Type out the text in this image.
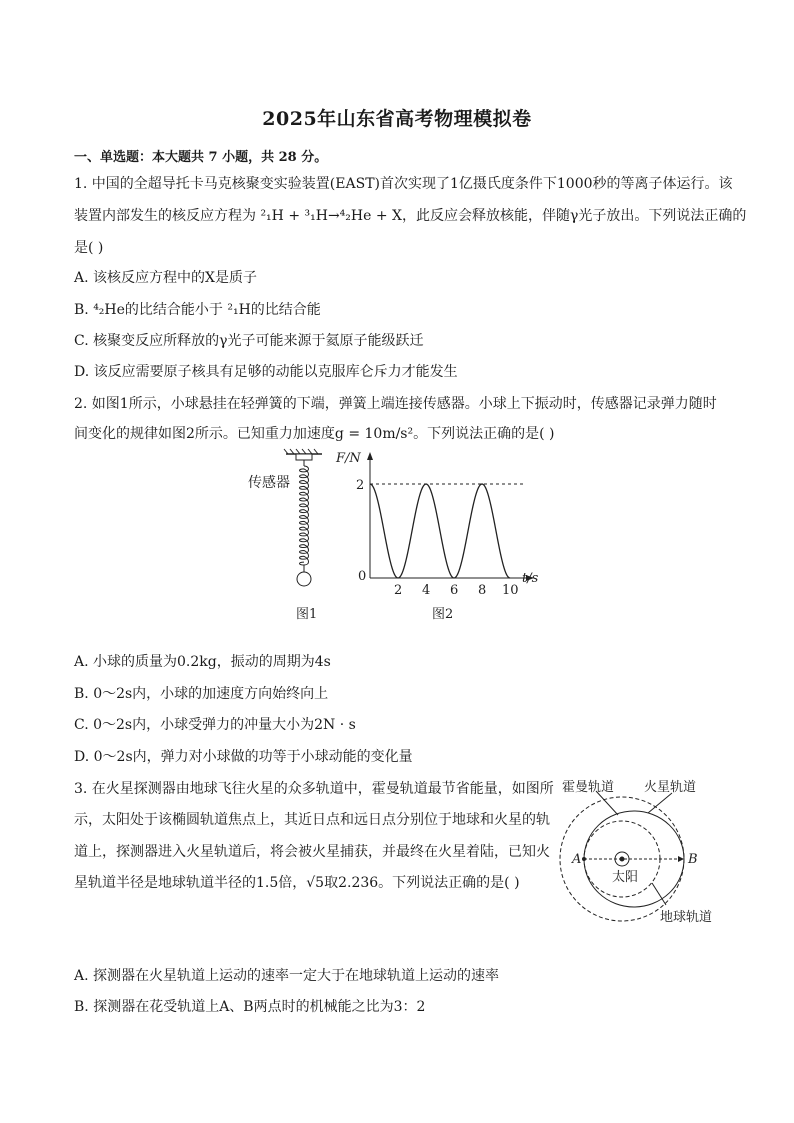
2025年山东省高考物理模拟卷
一、单选题：本大题共 7 小题，共 28 分。
1. 中国的全超导托卡马克核聚变实验装置(EAST)首次实现了1亿摄氏度条件下1000秒的等离子体运行。该
装置内部发生的核反应方程为 ²₁H + ³₁H→⁴₂He + X，此反应会释放核能，伴随γ光子放出。下列说法正确的
是( )
A. 该核反应方程中的X是质子
B. ⁴₂He的比结合能小于 ²₁H的比结合能
C. 核聚变反应所释放的γ光子可能来源于氦原子能级跃迁
D. 该反应需要原子核具有足够的动能以克服库仑斥力才能发生
2. 如图1所示，小球悬挂在轻弹簧的下端，弹簧上端连接传感器。小球上下振动时，传感器记录弹力随时
间变化的规律如图2所示。已知重力加速度g = 10m/s²。下列说法正确的是( )
传感器
图1
0
2 4 6 8 10
2
F/N
t/s
图2
A. 小球的质量为0.2kg，振动的周期为4s
B. 0～2s内，小球的加速度方向始终向上
C. 0～2s内，小球受弹力的冲量大小为2N · s
D. 0～2s内，弹力对小球做的功等于小球动能的变化量
3. 在火星探测器由地球飞往火星的众多轨道中，霍曼轨道最节省能量，如图所
示，太阳处于该椭圆轨道焦点上，其近日点和远日点分别位于地球和火星的轨
道上，探测器进入火星轨道后，将会被火星捕获，并最终在火星着陆，已知火
星轨道半径是地球轨道半径的1.5倍，√5取2.236。下列说法正确的是( )
霍曼轨道 火星轨道
太阳
地球轨道
A	B
A. 探测器在火星轨道上运动的速率一定大于在地球轨道上运动的速率
B. 探测器在花受轨道上A、B两点时的机械能之比为3：2
